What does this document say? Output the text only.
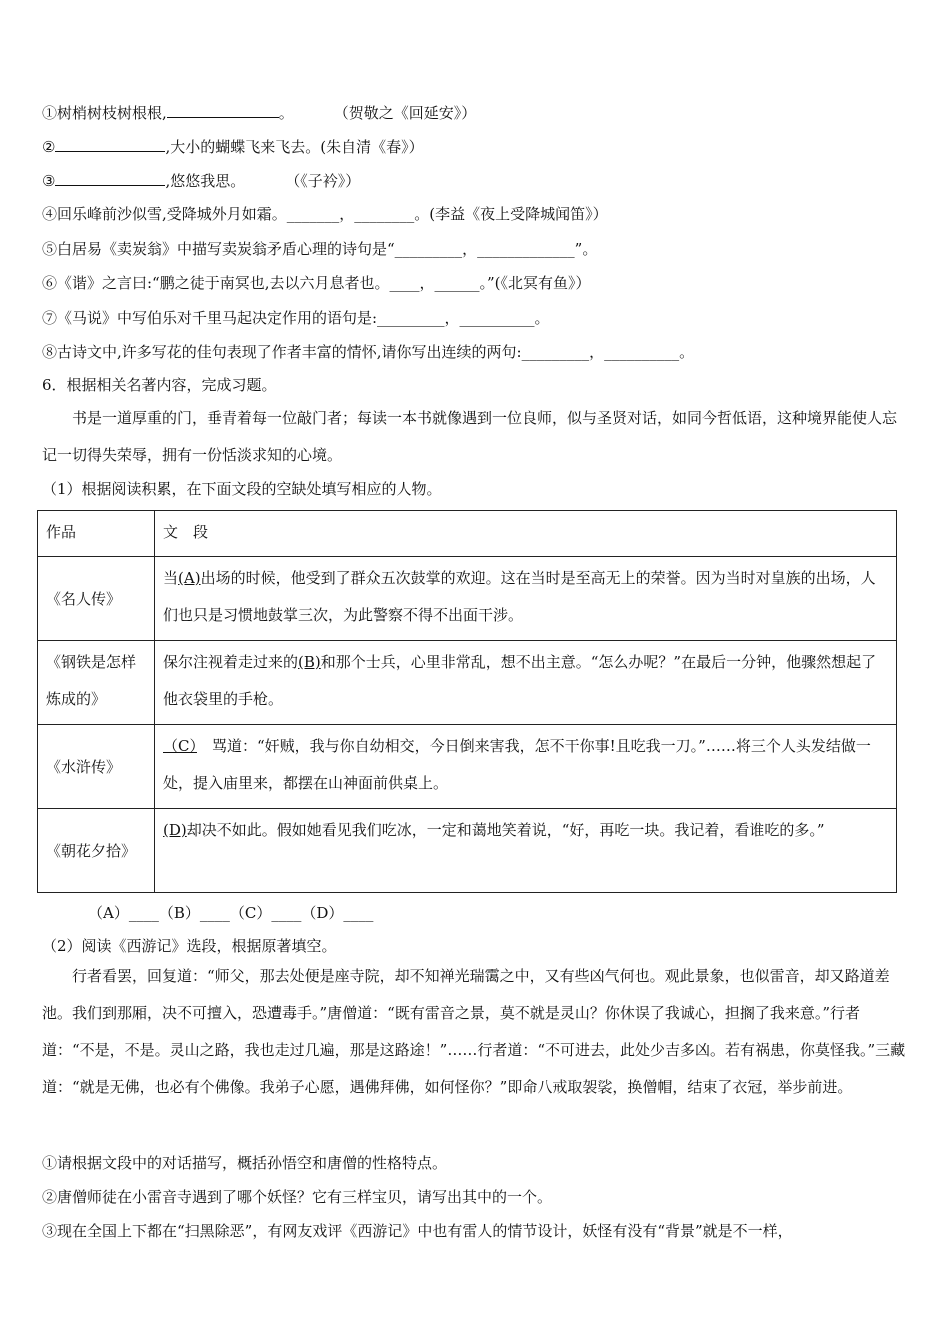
①树梢树枝树根根,	。	（贺敬之《回延安》）
②	,大小的蝴蝶飞来飞去。(朱自清《春》）
③	,悠悠我思。	（《子衿》）
④回乐峰前沙似雪,受降城外月如霜。_______，________。(李益《夜上受降城闻笛》）
⑤白居易《卖炭翁》中描写卖炭翁矛盾心理的诗句是“_________，_____________”。
⑥《谐》之言曰:“鹏之徒于南冥也,去以六月息者也。____，______。”(《北冥有鱼》）
⑦《马说》中写伯乐对千里马起决定作用的语句是:_________，__________。
⑧古诗文中,许多写花的佳句表现了作者丰富的情怀,请你写出连续的两句:_________，__________。
6．根据相关名著内容，完成习题。
书是一道厚重的门，垂青着每一位敲门者；每读一本书就像遇到一位良师，似与圣贤对话，如同今哲低语，这种境界能使人忘记一切得失荣辱，拥有一份恬淡求知的心境。
（1）根据阅读积累，在下面文段的空缺处填写相应的人物。
作品	文　段
《名人传》	当(A)出场的时候，他受到了群众五次鼓掌的欢迎。这在当时是至高无上的荣誉。因为当时对皇族的出场，人们也只是习惯地鼓掌三次，为此警察不得不出面干涉。
《钢铁是怎样炼成的》	保尔注视着走过来的(B)和那个士兵，心里非常乱，想不出主意。“怎么办呢？”在最后一分钟，他骤然想起了他衣袋里的手枪。
《水浒传》	（C）　骂道：“奸贼，我与你自幼相交，今日倒来害我，怎不干你事!且吃我一刀。”……将三个人头发结做一处，提入庙里来，都摆在山神面前供桌上。
《朝花夕拾》	(D)却决不如此。假如她看见我们吃冰，一定和蔼地笑着说，“好，再吃一块。我记着，看谁吃的多。”
（A）____（B）____（C）____（D）____
（2）阅读《西游记》选段，根据原著填空。
行者看罢，回复道：“师父，那去处便是座寺院，却不知禅光瑞霭之中，又有些凶气何也。观此景象，也似雷音，却又路道差池。我们到那厢，决不可擅入，恐遭毒手。”唐僧道：“既有雷音之景，莫不就是灵山？你休误了我诚心，担搁了我来意。”行者道：“不是，不是。灵山之路，我也走过几遍，那是这路途！”……行者道：“不可进去，此处少吉多凶。若有祸患，你莫怪我。”三藏道：“就是无佛，也必有个佛像。我弟子心愿，遇佛拜佛，如何怪你？”即命八戒取袈裟，换僧帽，结束了衣冠，举步前进。
①请根据文段中的对话描写，概括孙悟空和唐僧的性格特点。
②唐僧师徒在小雷音寺遇到了哪个妖怪？它有三样宝贝，请写出其中的一个。
③现在全国上下都在“扫黑除恶”，有网友戏评《西游记》中也有雷人的情节设计，妖怪有没有“背景”就是不一样，
